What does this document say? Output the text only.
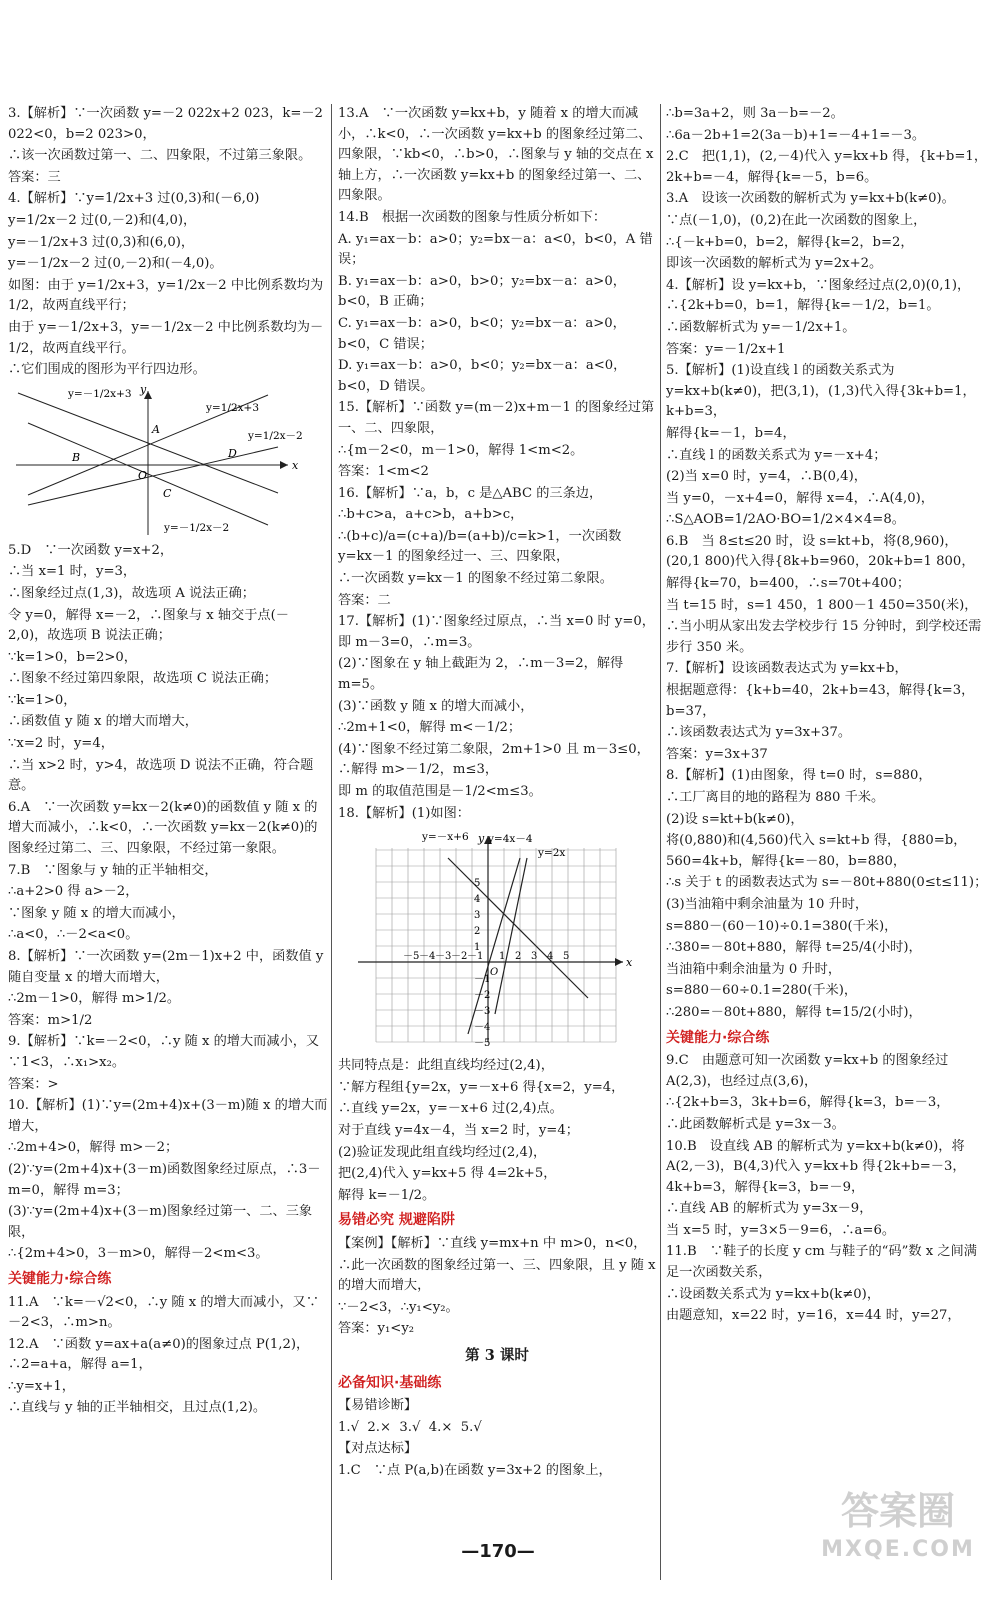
3.【解析】∵一次函数 y=－2 022x+2 023，k=－2 022<0，b=2 023>0，

∴该一次函数过第一、二、四象限，不过第三象限。

答案：三

4.【解析】∵y=1/2x+3 过(0,3)和(－6,0)

y=1/2x－2 过(0,－2)和(4,0)，

y=－1/2x+3 过(0,3)和(6,0)，

y=－1/2x－2 过(0,－2)和(－4,0)。

如图：由于 y=1/2x+3，y=1/2x－2 中比例系数均为1/2，故两直线平行；

由于 y=－1/2x+3，y=－1/2x－2 中比例系数均为－1/2，故两直线平行。

∴它们围成的图形为平行四边形。

y=－1/2x+3
y=1/2x+3
y=1/2x－2
y=－1/2x－2
A
B
C
D
O
x
y

5.D　∵一次函数 y=x+2，

∴当 x=1 时，y=3，

∴图象经过点(1,3)，故选项 A 说法正确；

令 y=0，解得 x=－2，∴图象与 x 轴交于点(－2,0)，故选项 B 说法正确；

∵k=1>0，b=2>0，

∴图象不经过第四象限，故选项 C 说法正确；

∵k=1>0，

∴函数值 y 随 x 的增大而增大，

∵x=2 时，y=4，

∴当 x>2 时，y>4，故选项 D 说法不正确，符合题意。

6.A　∵一次函数 y=kx－2(k≠0)的函数值 y 随 x 的增大而减小，∴k<0，∴一次函数 y=kx－2(k≠0)的图象经过第二、三、四象限，不经过第一象限。

7.B　∵图象与 y 轴的正半轴相交，

∴a+2>0 得 a>－2，

∵图象 y 随 x 的增大而减小，

∴a<0，∴－2<a<0。

8.【解析】∵一次函数 y=(2m－1)x+2 中，函数值 y 随自变量 x 的增大而增大，

∴2m－1>0，解得 m>1/2。

答案：m>1/2

9.【解析】∵k=－2<0，∴y 随 x 的增大而减小，又∵1<3，∴x₁>x₂。

答案：>

10.【解析】(1)∵y=(2m+4)x+(3－m)随 x 的增大而增大，

∴2m+4>0，解得 m>－2；

(2)∵y=(2m+4)x+(3－m)函数图象经过原点，∴3－m=0，解得 m=3；

(3)∵y=(2m+4)x+(3－m)图象经过第一、二、三象限，

∴{2m+4>0，3－m>0，解得－2<m<3。

关键能力·综合练

11.A　∵k=－√2<0，∴y 随 x 的增大而减小，又∵－2<3，∴m>n。

12.A　∵函数 y=ax+a(a≠0)的图象过点 P(1,2)，∴2=a+a，解得 a=1，

∴y=x+1，

∴直线与 y 轴的正半轴相交，且过点(1,2)。

13.A　∵一次函数 y=kx+b，y 随着 x 的增大而减小，∴k<0，∴一次函数 y=kx+b 的图象经过第二、四象限，∵kb<0，∴b>0，∴图象与 y 轴的交点在 x 轴上方，∴一次函数 y=kx+b 的图象经过第一、二、四象限。

14.B　根据一次函数的图象与性质分析如下：

A. y₁=ax－b：a>0；y₂=bx－a：a<0，b<0，A 错误；

B. y₁=ax－b：a>0，b>0；y₂=bx－a：a>0，b<0，B 正确；

C. y₁=ax－b：a>0，b<0；y₂=bx－a：a>0，b<0，C 错误；

D. y₁=ax－b：a>0，b<0；y₂=bx－a：a<0，b<0，D 错误。

15.【解析】∵函数 y=(m－2)x+m－1 的图象经过第一、二、四象限，

∴{m－2<0，m－1>0，解得 1<m<2。

答案：1<m<2

16.【解析】∵a，b，c 是△ABC 的三条边，

∴b+c>a，a+c>b，a+b>c，

∴(b+c)/a=(c+a)/b=(a+b)/c=k>1，一次函数 y=kx－1 的图象经过一、三、四象限，

∴一次函数 y=kx－1 的图象不经过第二象限。

答案：二

17.【解析】(1)∵图象经过原点，∴当 x=0 时 y=0，即 m－3=0，∴m=3。

(2)∵图象在 y 轴上截距为 2，∴m－3=2，解得 m=5。

(3)∵函数 y 随 x 的增大而减小，

∴2m+1<0，解得 m<－1/2；

(4)∵图象不经过第二象限，2m+1>0 且 m－3≤0，∴解得 m>－1/2，m≤3，

即 m 的取值范围是－1/2<m≤3。

18.【解析】(1)如图：

y=－x+6 y=4x－4
y=2x
x
y
O
－5 －4 －3 －2 －1 1 2 3 4 5
5
4
3
2
1
－1
－2
－3
－4
－5

共同特点是：此组直线均经过(2,4)，

∵解方程组{y=2x，y=－x+6 得{x=2，y=4，

∴直线 y=2x，y=－x+6 过(2,4)点。

对于直线 y=4x－4，当 x=2 时，y=4；

(2)验证发现此组直线均经过(2,4)，

把(2,4)代入 y=kx+5 得 4=2k+5，

解得 k=－1/2。

易错必究 规避陷阱

【案例】【解析】∵直线 y=mx+n 中 m>0，n<0，

∴此一次函数的图象经过第一、三、四象限，且 y 随 x 的增大而增大，

∵－2<3，∴y₁<y₂。

答案：y₁<y₂

第 3 课时
必备知识·基础练

【易错诊断】

1.√  2.×  3.√  4.×  5.√

【对点达标】

1.C　∵点 P(a,b)在函数 y=3x+2 的图象上，

∴b=3a+2，则 3a－b=－2。

∴6a－2b+1=2(3a－b)+1=－4+1=－3。

2.C　把(1,1)，(2,－4)代入 y=kx+b 得，{k+b=1，2k+b=－4，解得{k=－5，b=6。

3.A　设该一次函数的解析式为 y=kx+b(k≠0)。

∵点(－1,0)，(0,2)在此一次函数的图象上，

∴{－k+b=0，b=2，解得{k=2，b=2，

即该一次函数的解析式为 y=2x+2。

4.【解析】设 y=kx+b，∵图象经过点(2,0)(0,1)，∴{2k+b=0，b=1，解得{k=－1/2，b=1。

∴函数解析式为 y=－1/2x+1。

答案：y=－1/2x+1

5.【解析】(1)设直线 l 的函数关系式为 y=kx+b(k≠0)，把(3,1)，(1,3)代入得{3k+b=1，k+b=3，

解得{k=－1，b=4，

∴直线 l 的函数关系式为 y=－x+4；

(2)当 x=0 时，y=4，∴B(0,4)，

当 y=0，－x+4=0，解得 x=4，∴A(4,0)，

∴S△AOB=1/2AO·BO=1/2×4×4=8。

6.B　当 8≤t≤20 时，设 s=kt+b，将(8,960)，(20,1 800)代入得{8k+b=960，20k+b=1 800，

解得{k=70，b=400，∴s=70t+400；

当 t=15 时，s=1 450，1 800－1 450=350(米)，

∴当小明从家出发去学校步行 15 分钟时，到学校还需步行 350 米。

7.【解析】设该函数表达式为 y=kx+b，

根据题意得：{k+b=40，2k+b=43，解得{k=3，b=37，

∴该函数表达式为 y=3x+37。

答案：y=3x+37

8.【解析】(1)由图象，得 t=0 时，s=880，

∴工厂离目的地的路程为 880 千米。

(2)设 s=kt+b(k≠0)，

将(0,880)和(4,560)代入 s=kt+b 得，{880=b，560=4k+b，解得{k=－80，b=880，

∴s 关于 t 的函数表达式为 s=－80t+880(0≤t≤11)；

(3)当油箱中剩余油量为 10 升时，

s=880－(60－10)÷0.1=380(千米)，

∴380=－80t+880，解得 t=25/4(小时)，

当油箱中剩余油量为 0 升时，

s=880－60÷0.1=280(千米)，

∴280=－80t+880，解得 t=15/2(小时)，

关键能力·综合练

9.C　由题意可知一次函数 y=kx+b 的图象经过 A(2,3)，也经过点(3,6)，

∴{2k+b=3，3k+b=6，解得{k=3，b=－3，

∴此函数解析式是 y=3x－3。

10.B　设直线 AB 的解析式为 y=kx+b(k≠0)，将 A(2,－3)，B(4,3)代入 y=kx+b 得{2k+b=－3，4k+b=3，解得{k=3，b=－9，

∴直线 AB 的解析式为 y=3x－9，

当 x=5 时，y=3×5－9=6，∴a=6。

11.B　∵鞋子的长度 y cm 与鞋子的“码”数 x 之间满足一次函数关系，

∴设函数关系式为 y=kx+b(k≠0)，

由题意知，x=22 时，y=16，x=44 时，y=27，

—170—
答案圈
MXQE.COM
